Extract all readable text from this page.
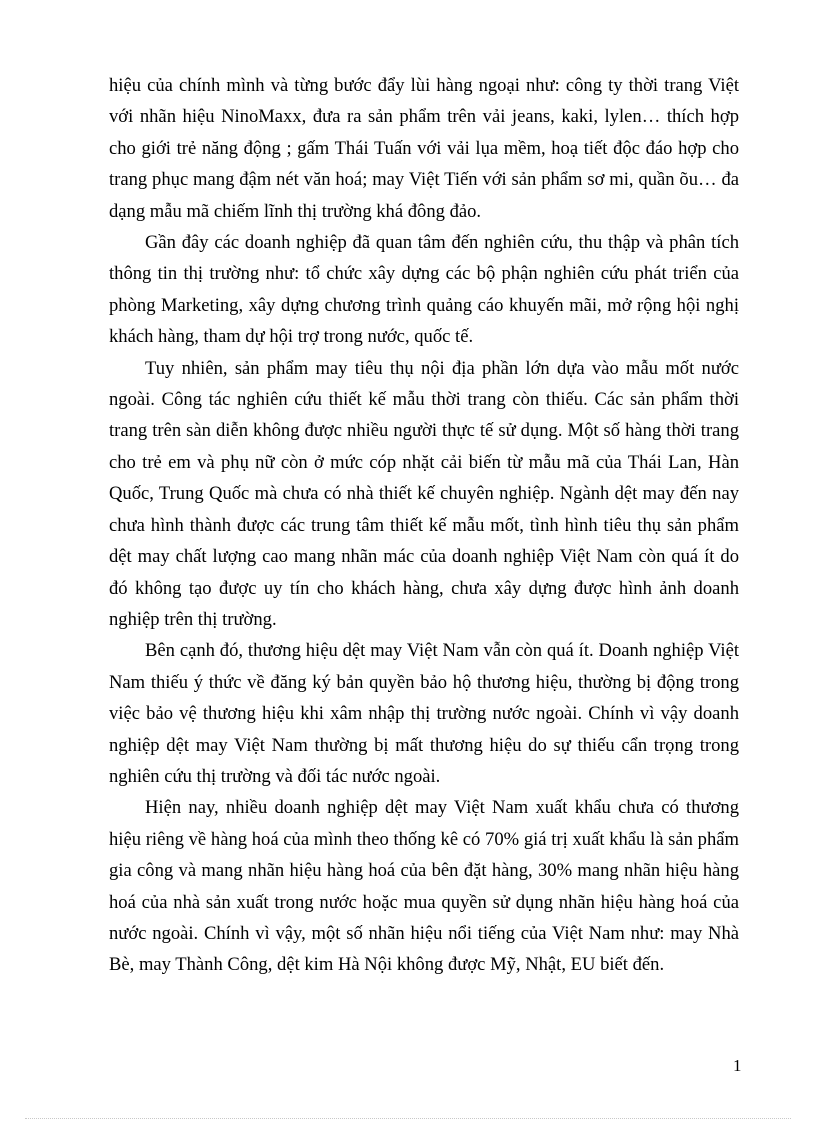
hiệu của chính mình và từng bước đẩy lùi hàng ngoại như: công ty thời trang Việt với nhãn hiệu NinoMaxx, đưa ra sản phẩm trên vải jeans, kaki, lylen… thích hợp cho giới trẻ năng động ; gấm Thái Tuấn với vải lụa mềm, hoạ tiết độc đáo hợp cho trang phục mang đậm nét văn hoá; may Việt Tiến với sản phẩm sơ mi, quần õu… đa dạng mẫu mã chiếm lĩnh thị trường khá đông đảo.

Gần đây các doanh nghiệp đã quan tâm đến nghiên cứu, thu thập và phân tích thông tin thị trường như: tổ chức xây dựng các bộ phận nghiên cứu phát triển của phòng Marketing, xây dựng chương trình quảng cáo khuyến mãi, mở rộng hội nghị khách hàng, tham dự hội trợ trong nước, quốc tế.

Tuy nhiên, sản phẩm may tiêu thụ nội địa phần lớn dựa vào mẫu mốt nước ngoài. Công tác nghiên cứu thiết kế mẫu thời trang còn thiếu. Các sản phẩm thời trang trên sàn diễn không được nhiều người thực tế sử dụng. Một số hàng thời trang cho trẻ em và phụ nữ còn ở mức cóp nhặt cải biến từ mẫu mã của Thái Lan, Hàn Quốc, Trung Quốc mà chưa có nhà thiết kế chuyên nghiệp. Ngành dệt may đến nay chưa hình thành được các trung tâm thiết kế mẫu mốt, tình hình tiêu thụ sản phẩm dệt may chất lượng cao mang nhãn mác của doanh nghiệp Việt Nam còn quá ít do đó không tạo được uy tín cho khách hàng, chưa xây dựng được hình ảnh doanh nghiệp trên thị trường.

Bên cạnh đó, thương hiệu dệt may Việt Nam vẫn còn quá ít. Doanh nghiệp Việt Nam thiếu ý thức về đăng ký bản quyền bảo hộ thương hiệu, thường bị động trong việc bảo vệ thương hiệu khi xâm nhập thị trường nước ngoài. Chính vì vậy doanh nghiệp dệt may Việt Nam thường bị mất thương hiệu do sự thiếu cẩn trọng trong nghiên cứu thị trường và đối tác nước ngoài.

Hiện nay, nhiều doanh nghiệp dệt may Việt Nam xuất khẩu chưa có thương hiệu riêng về hàng hoá của mình theo thống kê có 70% giá trị xuất khẩu là sản phẩm gia công và mang nhãn hiệu hàng hoá của bên đặt hàng, 30% mang nhãn hiệu hàng hoá của nhà sản xuất trong nước hoặc mua quyền sử dụng nhãn hiệu hàng hoá của nước ngoài. Chính vì vậy, một số nhãn hiệu nổi tiếng của Việt Nam như: may Nhà Bè, may Thành Công, dệt kim Hà Nội không được Mỹ, Nhật, EU biết đến.

1
